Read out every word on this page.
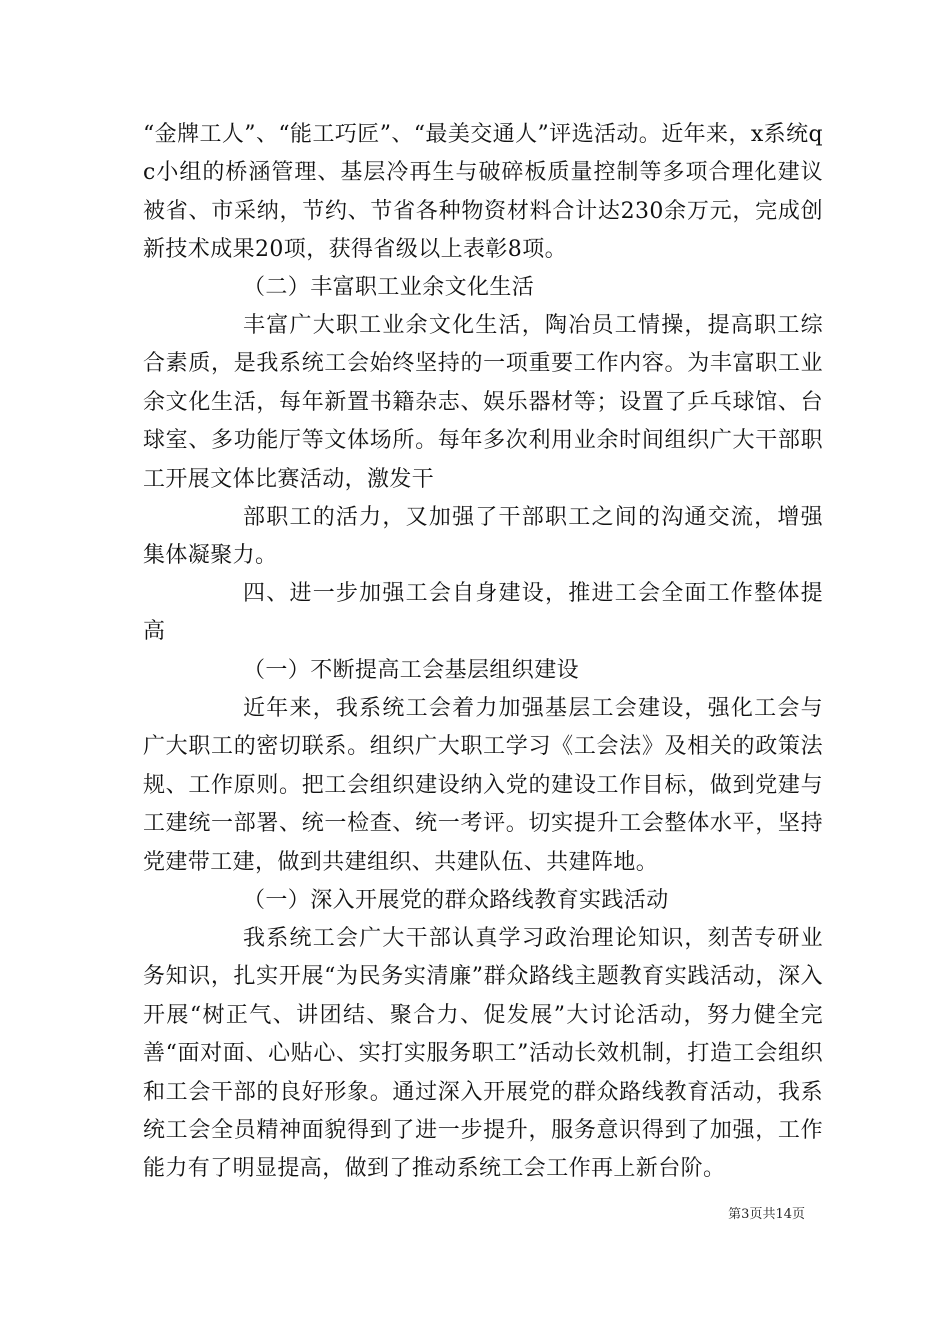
“金牌工人”、“能工巧匠”、“最美交通人”评选活动。近年来，x系统qc小组的桥涵管理、基层冷再生与破碎板质量控制等多项合理化建议被省、市采纳，节约、节省各种物资材料合计达230余万元，完成创新技术成果20项，获得省级以上表彰8项。

（二）丰富职工业余文化生活

丰富广大职工业余文化生活，陶冶员工情操，提高职工综合素质，是我系统工会始终坚持的一项重要工作内容。为丰富职工业余文化生活，每年新置书籍杂志、娱乐器材等；设置了乒乓球馆、台球室、多功能厅等文体场所。每年多次利用业余时间组织广大干部职工开展文体比赛活动，激发干

部职工的活力，又加强了干部职工之间的沟通交流，增强集体凝聚力。

四、进一步加强工会自身建设，推进工会全面工作整体提高

（一）不断提高工会基层组织建设

近年来，我系统工会着力加强基层工会建设，强化工会与广大职工的密切联系。组织广大职工学习《工会法》及相关的政策法规、工作原则。把工会组织建设纳入党的建设工作目标，做到党建与工建统一部署、统一检查、统一考评。切实提升工会整体水平，坚持党建带工建，做到共建组织、共建队伍、共建阵地。

（一）深入开展党的群众路线教育实践活动

我系统工会广大干部认真学习政治理论知识，刻苦专研业务知识，扎实开展“为民务实清廉”群众路线主题教育实践活动，深入开展“树正气、讲团结、聚合力、促发展”大讨论活动，努力健全完善“面对面、心贴心、实打实服务职工”活动长效机制，打造工会组织和工会干部的良好形象。通过深入开展党的群众路线教育活动，我系统工会全员精神面貌得到了进一步提升，服务意识得到了加强，工作能力有了明显提高，做到了推动系统工会工作再上新台阶。

第3页共14页
